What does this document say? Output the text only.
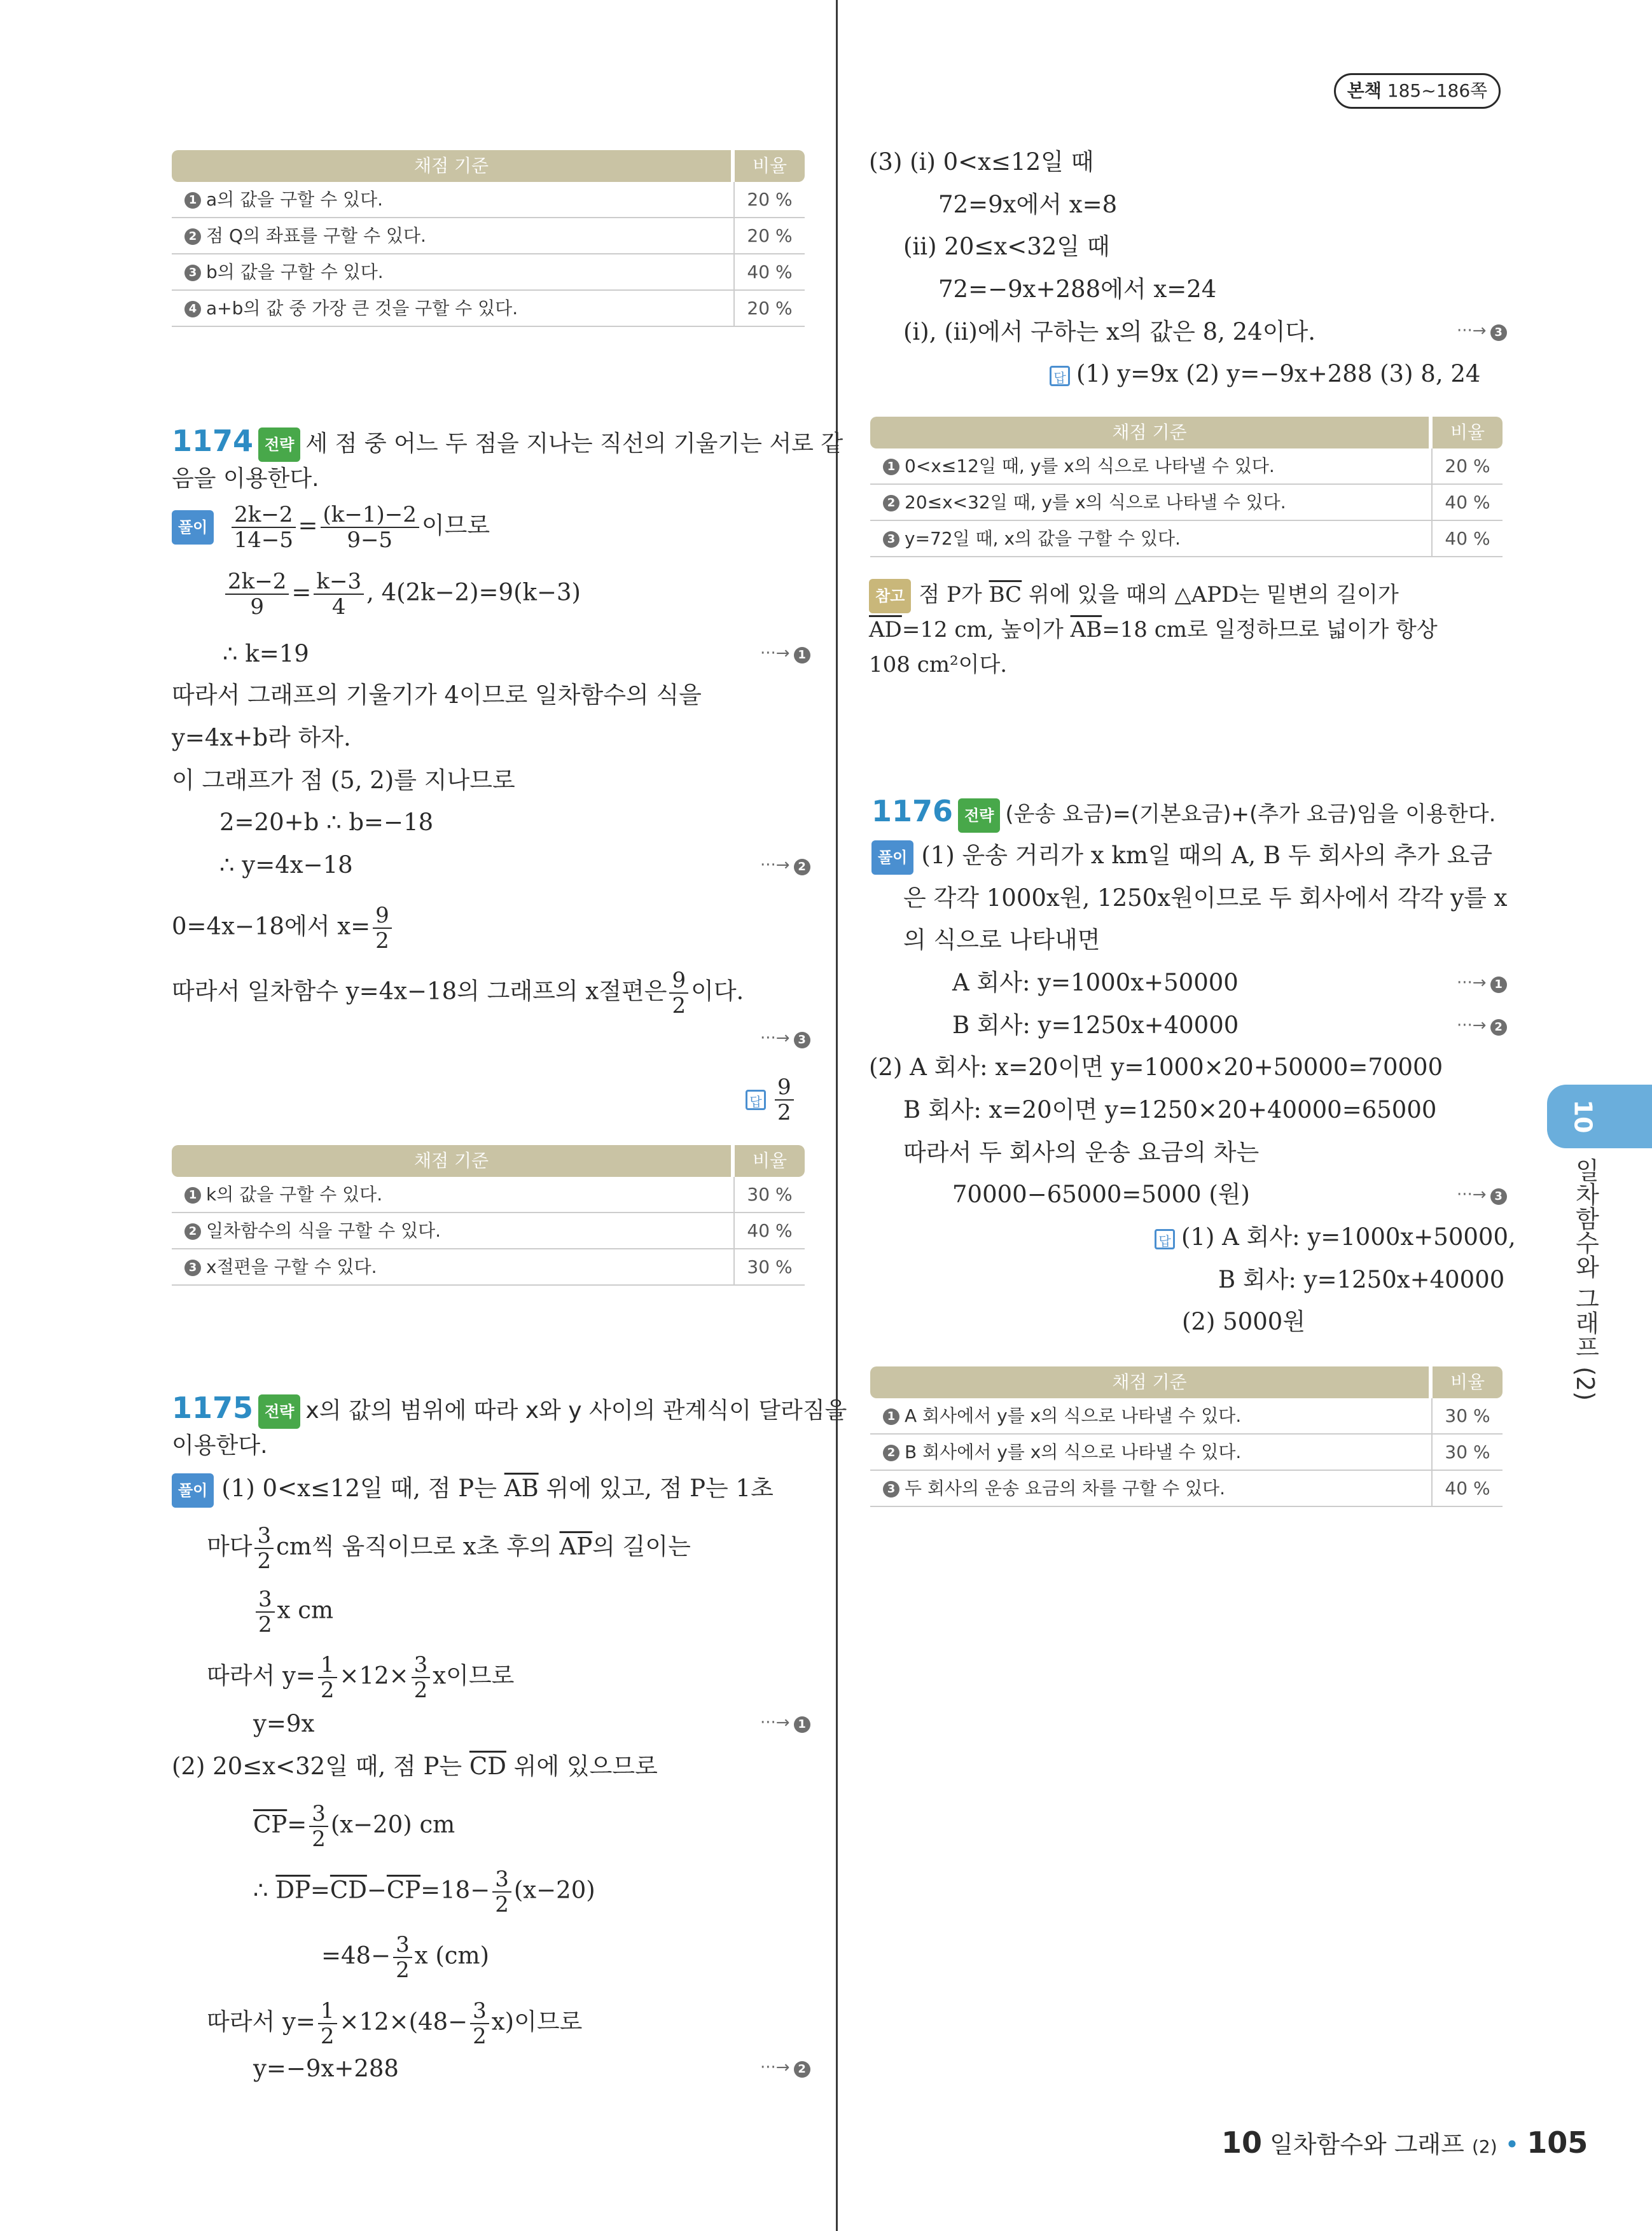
본책 185~186쪽
10
일차함수와 그래프 (2)
채점 기준	비율
1 a의 값을 구할 수 있다.	20 %
2 점 Q의 좌표를 구할 수 있다.	20 %
3 b의 값을 구할 수 있다.	40 %
4 a+b의 값 중 가장 큰 것을 구할 수 있다.	20 %
1174 전략 세 점 중 어느 두 점을 지나는 직선의 기울기는 서로 같
음을 이용한다.
풀이 $\frac{2k-2}{14-5} = \frac{(k-1)-2}{9-5}$ 이므로
$\frac{2k-2}{9} = \frac{k-3}{4}$ , 4(2k−2)=9(k−3)
∴ k=19	···→ 1
따라서 그래프의 기울기가 4이므로 일차함수의 식을
y=4x+b라 하자.
이 그래프가 점 (5, 2)를 지나므로
2=20+b ∴ b=−18
∴ y=4x−18	···→ 2
0=4x−18에서 $x= \frac{9}{2}$
따라서 일차함수 y=4x−18의 그래프의 x절편은 $\frac{9}{2}$ 이다.
···→ 3
답 $\frac{9}{2}$
채점 기준	비율
1 k의 값을 구할 수 있다.	30 %
2 일차함수의 식을 구할 수 있다.	40 %
3 x절편을 구할 수 있다.	30 %
1175 전략 x의 값의 범위에 따라 x와 y 사이의 관계식이 달라짐을
이용한다.
풀이 (1) 0<x≤12일 때, 점 P는 $\overline{AB}$ 위에 있고, 점 P는 1초
마다 $\frac{3}{2}$ cm씩 움직이므로 x초 후의 $\overline{AP}$의 길이는
$\frac{3}{2}$ x cm
따라서 $y= \frac{1}{2} \times 12\times \frac{3}{2}$ x이므로
y=9x	···→ 1
(2) 20≤x<32일 때, 점 P는 $\overline{CD}$ 위에 있으므로
$\overline{CP}= \frac{3}{2} (x-20)$ cm
∴ $\overline{DP}=\overline{CD}-\overline{CP}=18- \frac{3}{2} (x-20)$
$=48- \frac{3}{2}$ x (cm)
따라서 $y= \frac{1}{2} \times 12\times(48- \frac{3}{2} x)$이므로
y=−9x+288	···→ 2
(3) (i) 0<x≤12일 때
72=9x에서 x=8
(ii) 20≤x<32일 때
72=−9x+288에서 x=24
(i), (ii)에서 구하는 x의 값은 8, 24이다.	···→ 3
답 (1) y=9x (2) y=−9x+288 (3) 8, 24
채점 기준	비율
1 0<x≤12일 때, y를 x의 식으로 나타낼 수 있다.	20 %
2 20≤x<32일 때, y를 x의 식으로 나타낼 수 있다.	40 %
3 y=72일 때, x의 값을 구할 수 있다.	40 %
참고 점 P가 $\overline{BC}$ 위에 있을 때의 △APD는 밑변의 길이가
$\overline{AD}=12$ cm, 높이가 $\overline{AB}=18$ cm로 일정하므로 넓이가 항상
108 cm²이다.
1176 전략 (운송 요금)=(기본요금)+(추가 요금)임을 이용한다.
풀이 (1) 운송 거리가 x km일 때의 A, B 두 회사의 추가 요금
은 각각 1000x원, 1250x원이므로 두 회사에서 각각 y를 x
의 식으로 나타내면
A 회사: y=1000x+50000	···→ 1
B 회사: y=1250x+40000	···→ 2
(2) A 회사: x=20이면 y=1000×20+50000=70000
B 회사: x=20이면 y=1250×20+40000=65000
따라서 두 회사의 운송 요금의 차는
70000−65000=5000 (원)	···→ 3
답 (1) A 회사: y=1000x+50000,
B 회사: y=1250x+40000
(2) 5000원
채점 기준	비율
1 A 회사에서 y를 x의 식으로 나타낼 수 있다.	30 %
2 B 회사에서 y를 x의 식으로 나타낼 수 있다.	30 %
3 두 회사의 운송 요금의 차를 구할 수 있다.	40 %
10 일차함수와 그래프 (2) • 105
